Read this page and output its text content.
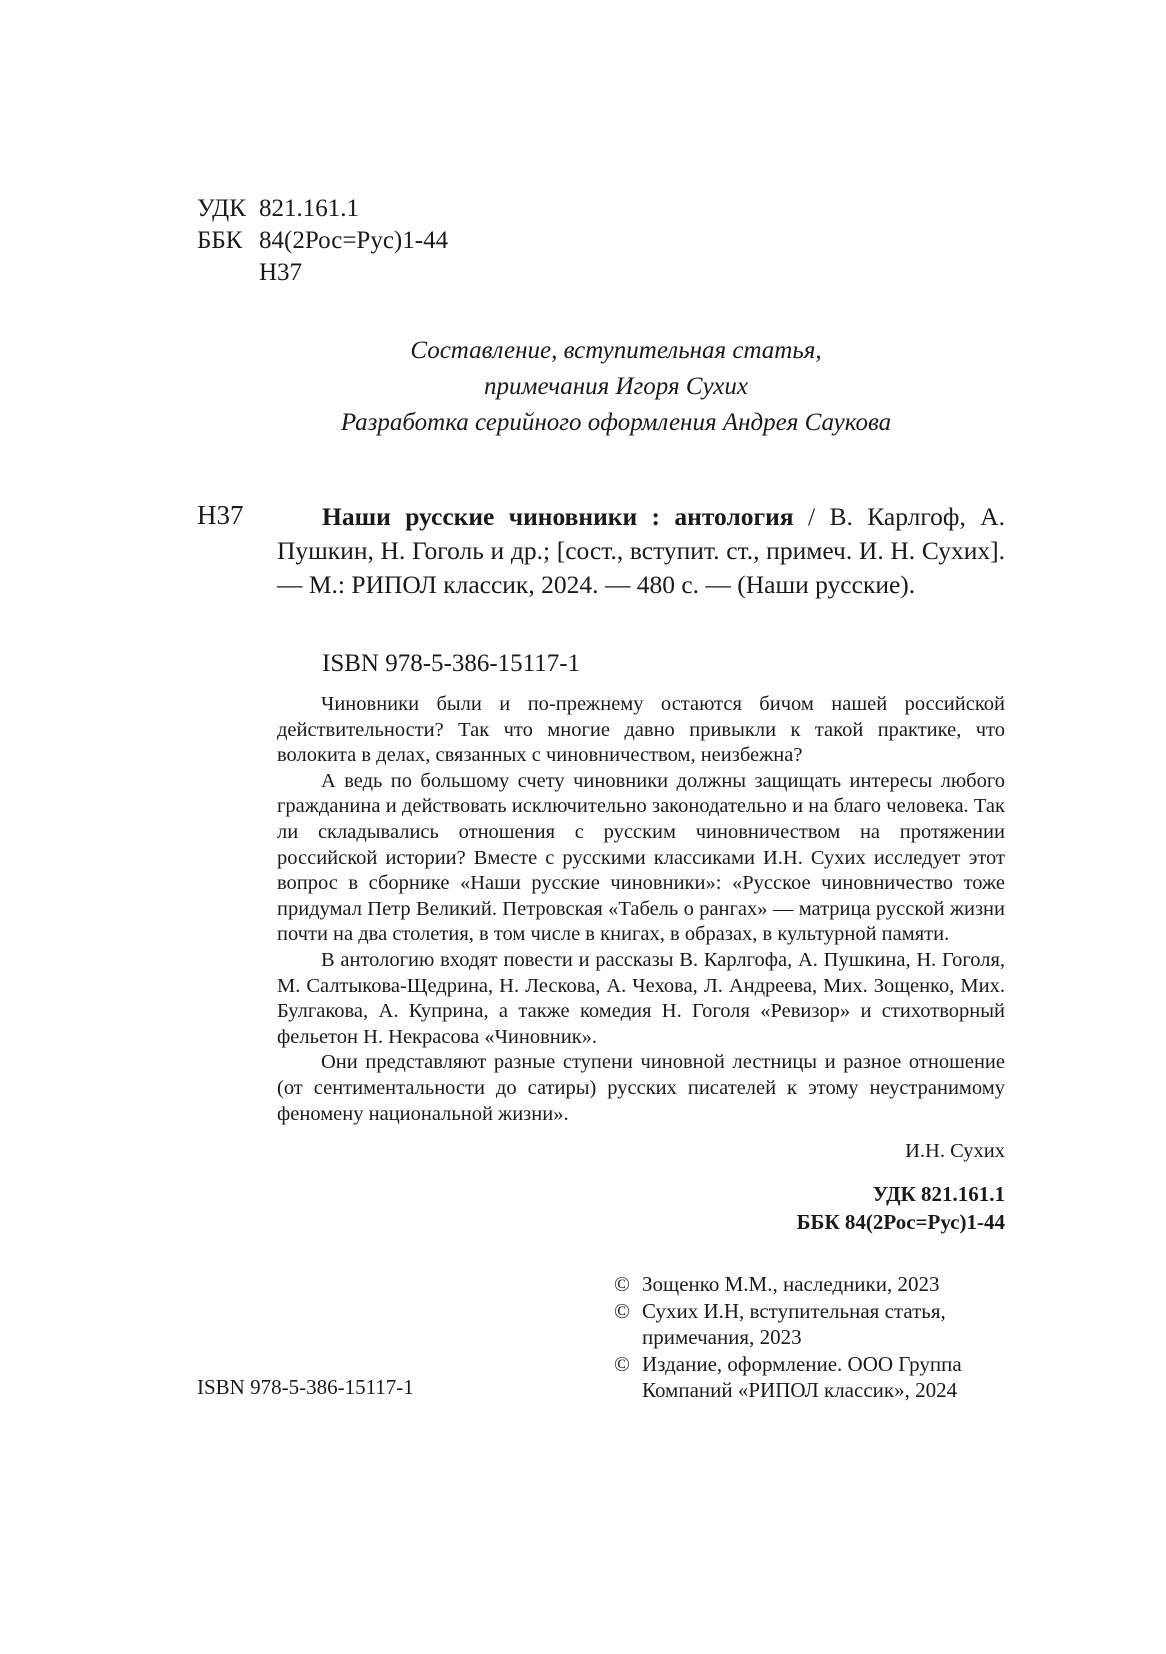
УДК 821.161.1
ББК 84(2Рос=Рус)1-44
Н37
Составление, вступительная статья,
примечания Игоря Сухих
Разработка серийного оформления Андрея Саукова
Н37	Наши русские чиновники : антология / В. Карлгоф, А. Пушкин, Н. Гоголь и др.; [сост., вступит. ст., примеч. И. Н. Сухих]. — М.: РИПОЛ классик, 2024. — 480 с. — (Наши русские).
ISBN 978-5-386-15117-1

Чиновники были и по-прежнему остаются бичом нашей российской действительности? Так что многие давно привыкли к такой практике, что волокита в делах, связанных с чиновничеством, неизбежна?

А ведь по большому счету чиновники должны защищать интересы любого гражданина и действовать исключительно законодательно и на благо человека. Так ли складывались отношения с русским чиновничеством на протяжении российской истории? Вместе с русскими классиками И.Н. Сухих исследует этот вопрос в сборнике «Наши русские чиновники»: «Русское чиновничество тоже придумал Петр Великий. Петровская «Табель о рангах» — матрица русской жизни почти на два столетия, в том числе в книгах, в образах, в культурной памяти.

В антологию входят повести и рассказы В. Карлгофа, А. Пушкина, Н. Гоголя, М. Салтыкова-Щедрина, Н. Лескова, А. Чехова, Л. Андреева, Мих. Зощенко, Мих. Булгакова, А. Куприна, а также комедия Н. Гоголя «Ревизор» и стихотворный фельетон Н. Некрасова «Чиновник».

Они представляют разные ступени чиновной лестницы и разное отношение (от сентиментальности до сатиры) русских писателей к этому неустранимому феномену национальной жизни».

И.Н. Сухих
УДК 821.161.1
ББК 84(2Рос=Рус)1-44
© Зощенко М.М., наследники, 2023
© Сухих И.Н, вступительная статья,
примечания, 2023
© Издание, оформление. ООО Группа
Компаний «РИПОЛ классик», 2024
ISBN 978-5-386-15117-1
